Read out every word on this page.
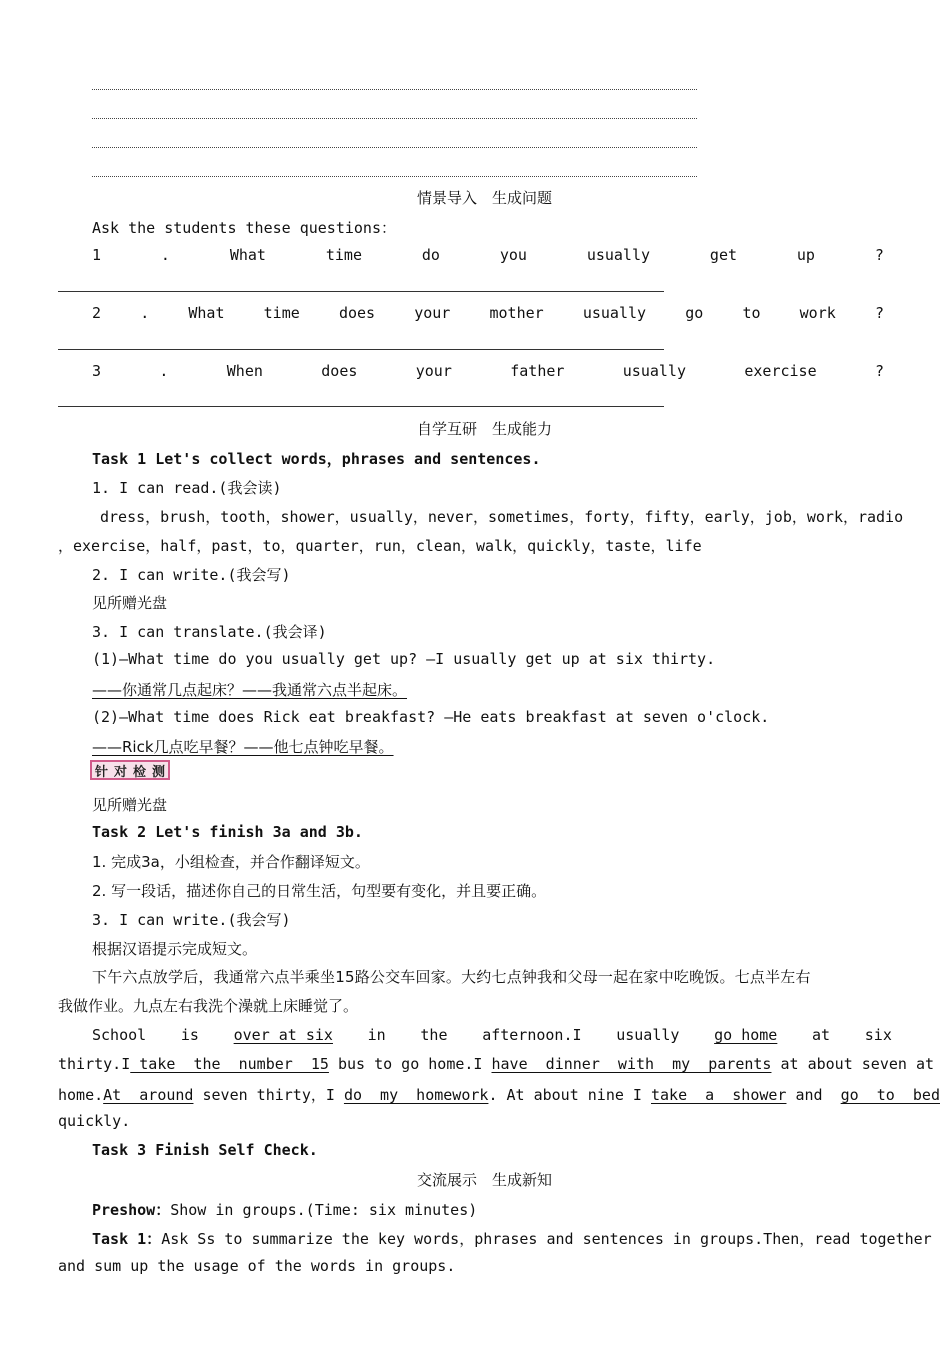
情景导入　生成问题
Ask the students these questions：
1	.	What	time	do	you	usually	get	up	?
2	.	What	time	does	your	mother	usually	go	to	work	?
3	.	When	does	your	father	usually	exercise	?
自学互研　生成能力
Task 1 Let's collect words，phrases and sentences.
1. I can read.(我会读)
dress，brush，tooth，shower，usually，never，sometimes，forty，fifty，early，job，work，radio
，exercise，half，past，to，quarter，run，clean，walk，quickly，taste，life
2. I can write.(我会写)
见所赠光盘
3. I can translate.(我会译)
(1)—What time do you usually get up? —I usually get up at six thirty.
——你通常几点起床？——我通常六点半起床。
(2)—What time does Rick eat breakfast? —He eats breakfast at seven o'clock.
——Rick几点吃早餐？——他七点钟吃早餐。
针 对 检 测
见所赠光盘
Task 2 Let's finish 3a and 3b.
1. 完成3a，小组检查，并合作翻译短文。
2. 写一段话，描述你自己的日常生活，句型要有变化，并且要正确。
3. I can write.(我会写)
根据汉语提示完成短文。
下午六点放学后，我通常六点半乘坐15路公交车回家。大约七点钟我和父母一起在家中吃晚饭。七点半左右
我做作业。九点左右我洗个澡就上床睡觉了。
School is over at six in the afternoon.I usually go home at six
thirty.I take  the  number  15 bus to go home.I have  dinner  with  my  parents at about seven at
home.At  around seven thirty，I do  my  homework. At about nine I take  a  shower and  go  to  bed
quickly.
Task 3 Finish Self Check.
交流展示　生成新知
Preshow：Show in groups.(Time: six minutes)
Task 1：Ask Ss to summarize the key words，phrases and sentences in groups.Then，read together
and sum up the usage of the words in groups.
